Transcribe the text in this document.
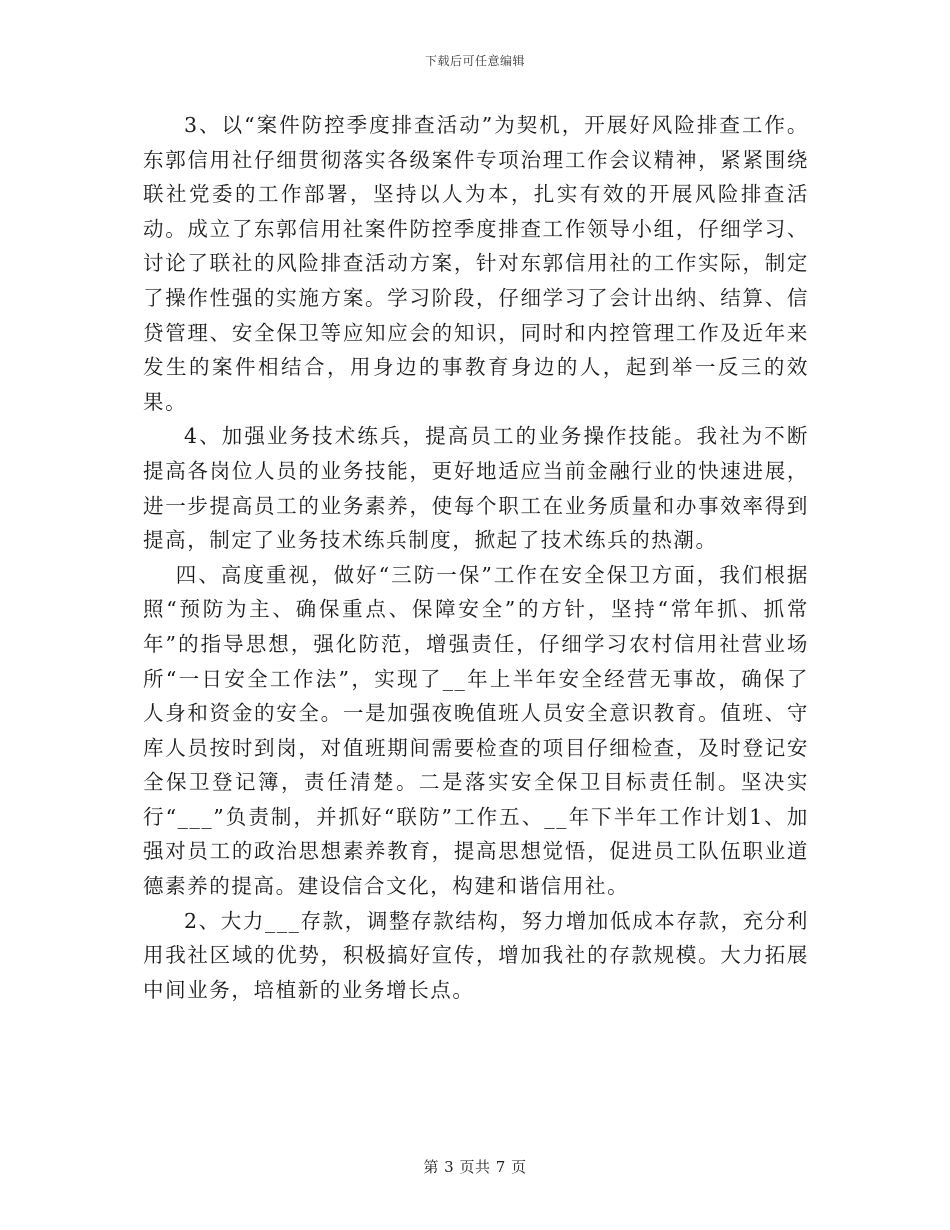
下载后可任意编辑

3、以“案件防控季度排查活动”为契机，开展好风险排查工作。东郭信用社仔细贯彻落实各级案件专项治理工作会议精神，紧紧围绕联社党委的工作部署，坚持以人为本，扎实有效的开展风险排查活动。成立了东郭信用社案件防控季度排查工作领导小组，仔细学习、讨论了联社的风险排查活动方案，针对东郭信用社的工作实际，制定了操作性强的实施方案。学习阶段，仔细学习了会计出纳、结算、信贷管理、安全保卫等应知应会的知识，同时和内控管理工作及近年来发生的案件相结合，用身边的事教育身边的人，起到举一反三的效果。

4、加强业务技术练兵，提高员工的业务操作技能。我社为不断提高各岗位人员的业务技能，更好地适应当前金融行业的快速进展，进一步提高员工的业务素养，使每个职工在业务质量和办事效率得到提高，制定了业务技术练兵制度，掀起了技术练兵的热潮。

四、高度重视，做好“三防一保”工作在安全保卫方面，我们根据照“预防为主、确保重点、保障安全”的方针，坚持“常年抓、抓常年”的指导思想，强化防范，增强责任，仔细学习农村信用社营业场所“一日安全工作法”，实现了__年上半年安全经营无事故，确保了人身和资金的安全。一是加强夜晚值班人员安全意识教育。值班、守库人员按时到岗，对值班期间需要检查的项目仔细检查，及时登记安全保卫登记簿，责任清楚。二是落实安全保卫目标责任制。坚决实行“___”负责制，并抓好“联防”工作五、__年下半年工作计划1、加强对员工的政治思想素养教育，提高思想觉悟，促进员工队伍职业道德素养的提高。建设信合文化，构建和谐信用社。

2、大力___存款，调整存款结构，努力增加低成本存款，充分利用我社区域的优势，积极搞好宣传，增加我社的存款规模。大力拓展中间业务，培植新的业务增长点。

第 3 页共 7 页
